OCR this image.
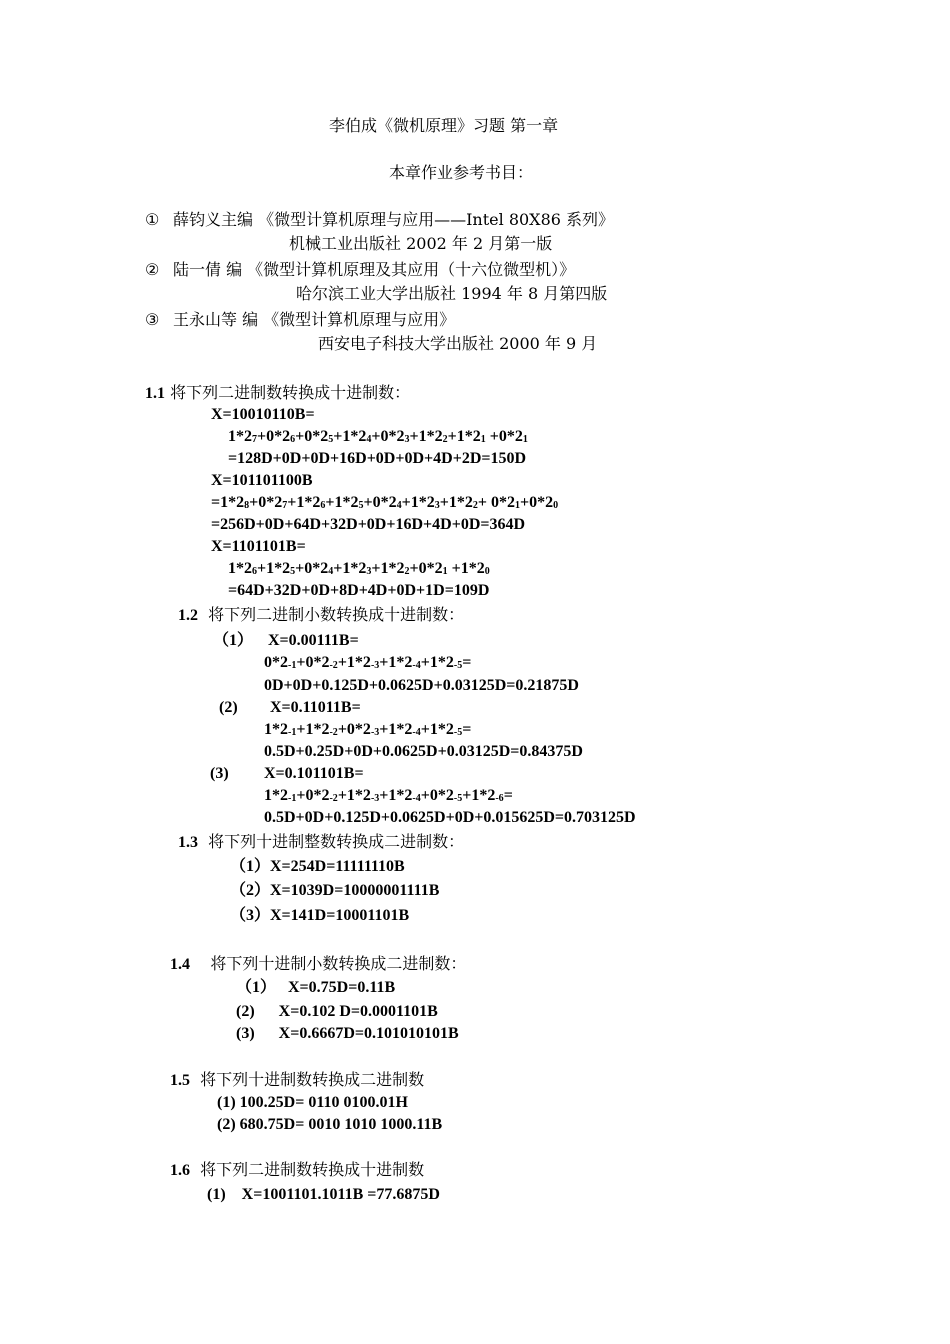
李伯成《微机原理》习题 第一章
本章作业参考书目：
① 薛钧义主编 《微型计算机原理与应用——Intel 80X86 系列》
机械工业出版社 2002 年 2 月第一版
② 陆一倩 编 《微型计算机原理及其应用（十六位微型机）》
哈尔滨工业大学出版社 1994 年 8 月第四版
③ 王永山等 编 《微型计算机原理与应用》
西安电子科技大学出版社 2000 年 9 月
1.1 将下列二进制数转换成十进制数：
X=10010110B=
$1*2_7+0*2_6+0*2_5+1*2_4+0*2_3+1*2_2+1*2_1 +0*2_1$
=128D+0D+0D+16D+0D+0D+4D+2D=150D
X=101101100B
$=1*2_8+0*2_7+1*2_6+1*2_5+0*2_4+1*2_3+1*2_2+ 0*2_1+0*2_0$
=256D+0D+64D+32D+0D+16D+4D+0D=364D
X=1101101B=
$1*2_6+1*2_5+0*2_4+1*2_3+1*2_2+0*2_1 +1*2_0$
=64D+32D+0D+8D+4D+0D+1D=109D
1.2 将下列二进制小数转换成十进制数：
（1） X=0.00111B=
$0*2_{-1}+0*2_{-2}+1*2_{-3}+1*2_{-4}+1*2_{-5}=$
0D+0D+0.125D+0.0625D+0.03125D=0.21875D
(2) X=0.11011B=
$1*2_{-1}+1*2_{-2}+0*2_{-3}+1*2_{-4}+1*2_{-5}=$
0.5D+0.25D+0D+0.0625D+0.03125D=0.84375D
(3) X=0.101101B=
$1*2_{-1}+0*2_{-2}+1*2_{-3}+1*2_{-4}+0*2_{-5}+1*2_{-6}=$
0.5D+0D+0.125D+0.0625D+0D+0.015625D=0.703125D
1.3 将下列十进制整数转换成二进制数：
（1）X=254D=11111110B
（2）X=1039D=10000001111B
（3）X=141D=10001101B
1.4 将下列十进制小数转换成二进制数：
（1）   X=0.75D=0.11B
(2)      X=0.102 D=0.0001101B
(3)      X=0.6667D=0.101010101B
1.5 将下列十进制数转换成二进制数
(1) 100.25D= 0110 0100.01H
(2) 680.75D= 0010 1010 1000.11B
1.6 将下列二进制数转换成十进制数
(1)    X=1001101.1011B =77.6875D
